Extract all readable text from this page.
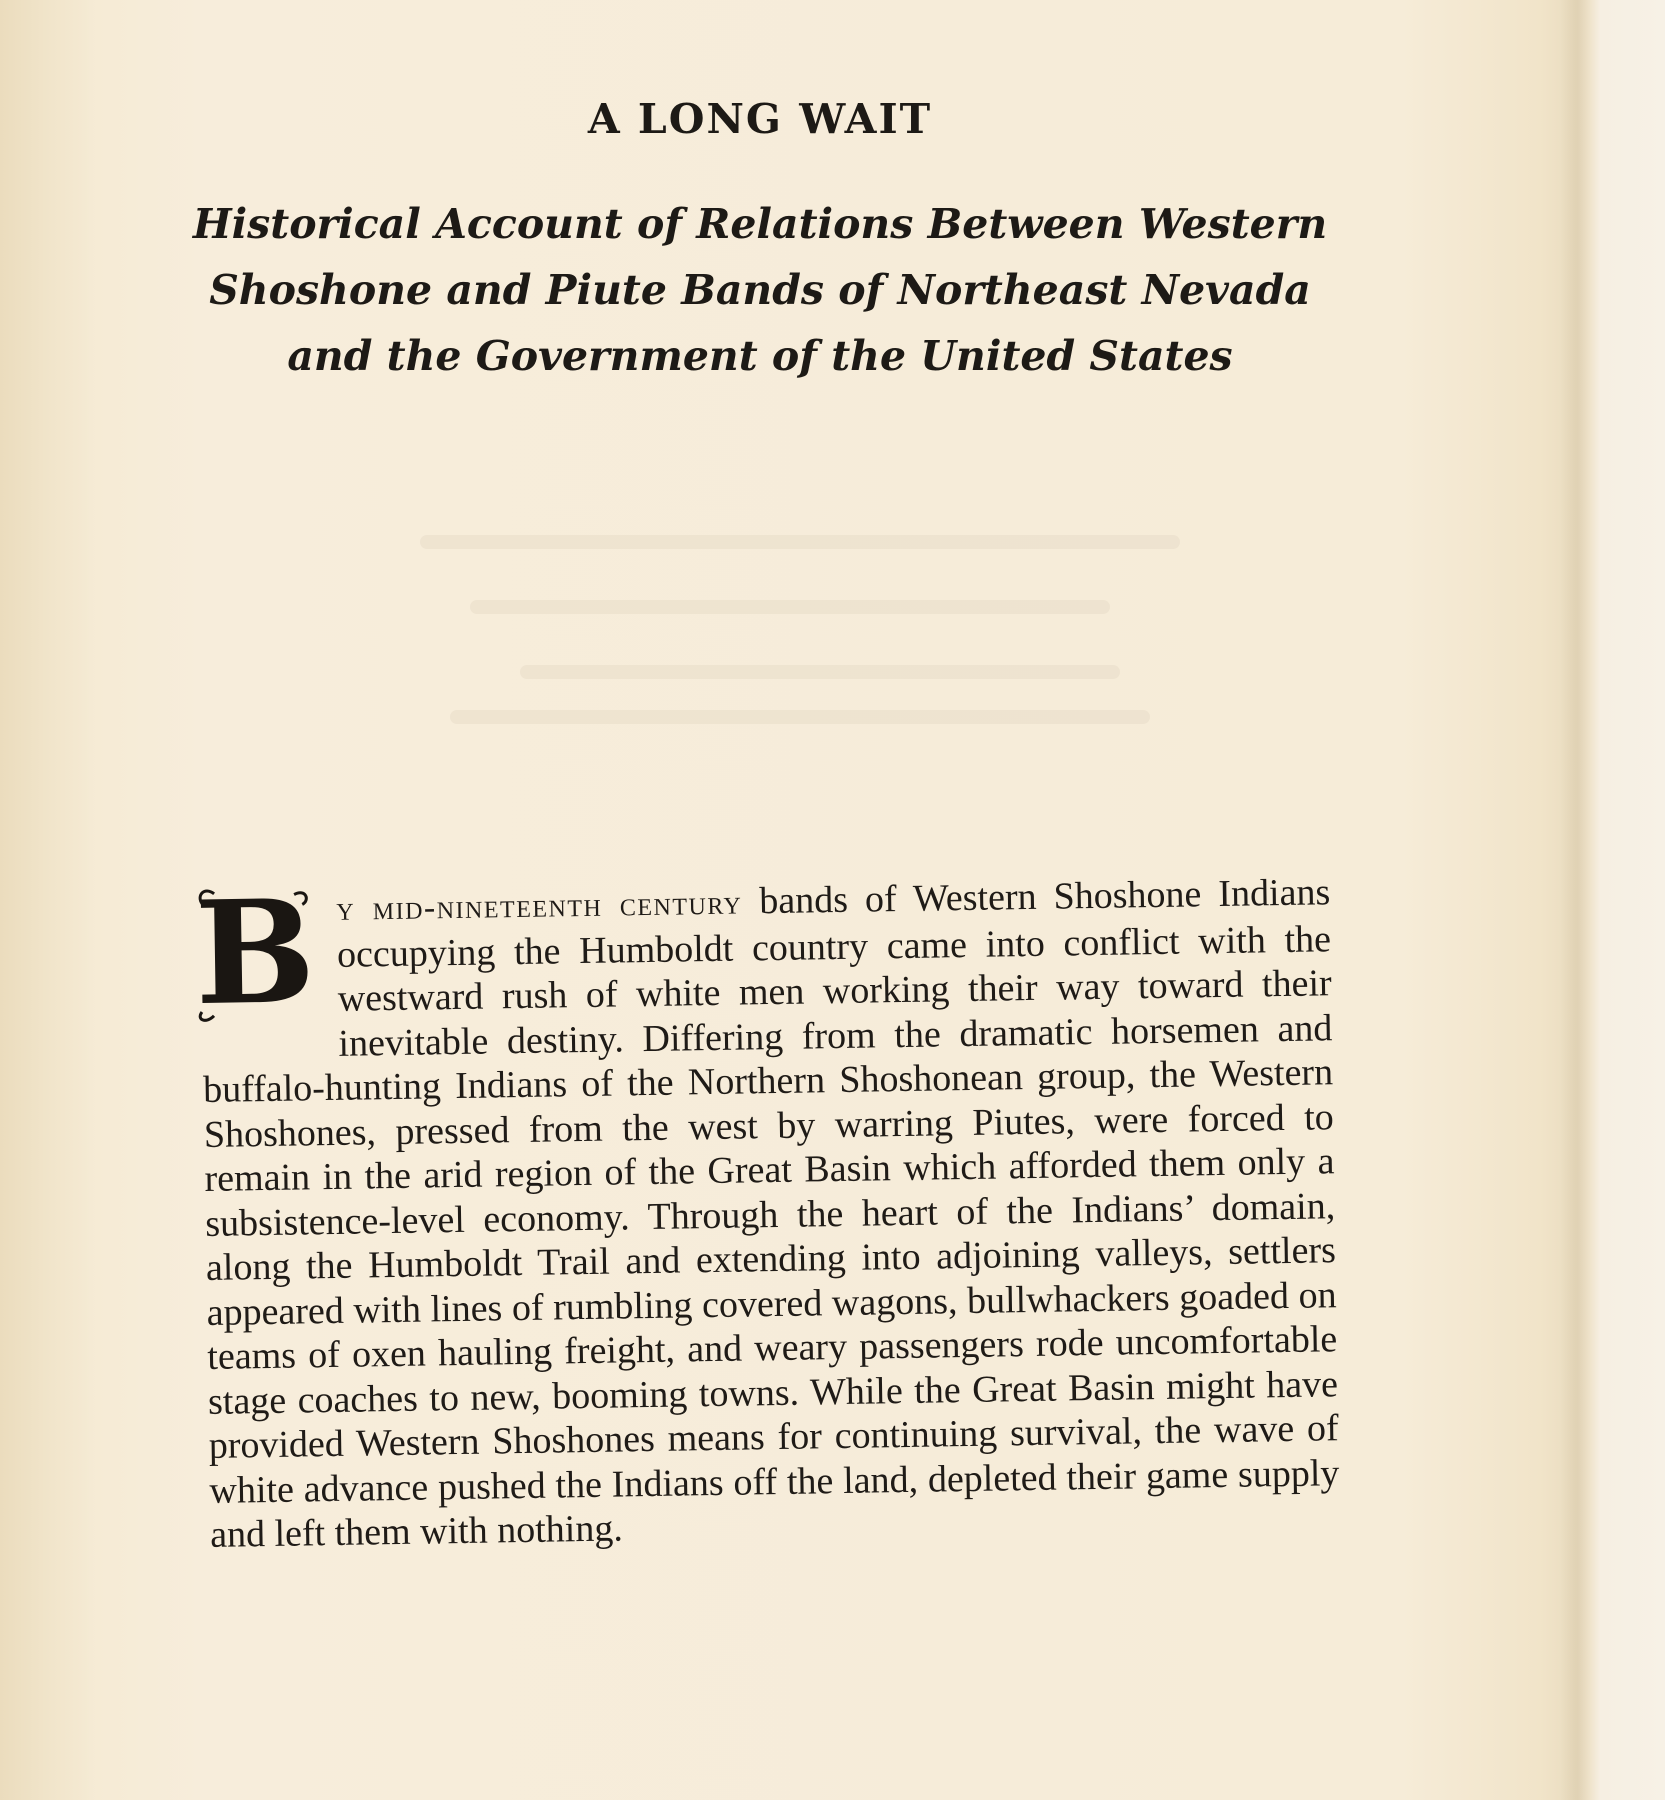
A LONG WAIT
Historical Account of Relations Between Western Shoshone and Piute Bands of Northeast Nevada and the Government of the United States
B y mid-nineteenth century bands of Western Shoshone Indians occupying the Humboldt country came into conflict with the westward rush of white men working their way toward their inevitable destiny. Differing from the dramatic horsemen and buffalo-hunting Indians of the Northern Shoshonean group, the Western Shoshones, pressed from the west by warring Piutes, were forced to remain in the arid region of the Great Basin which afforded them only a subsistence-level economy. Through the heart of the Indians’ domain, along the Humboldt Trail and extending into adjoining valleys, settlers appeared with lines of rumbling covered wagons, bullwhackers goaded on teams of oxen hauling freight, and weary passengers rode uncomfortable stage coaches to new, booming towns. While the Great Basin might have provided Western Shoshones means for continuing survival, the wave of white advance pushed the Indians off the land, depleted their game supply and left them with nothing.
